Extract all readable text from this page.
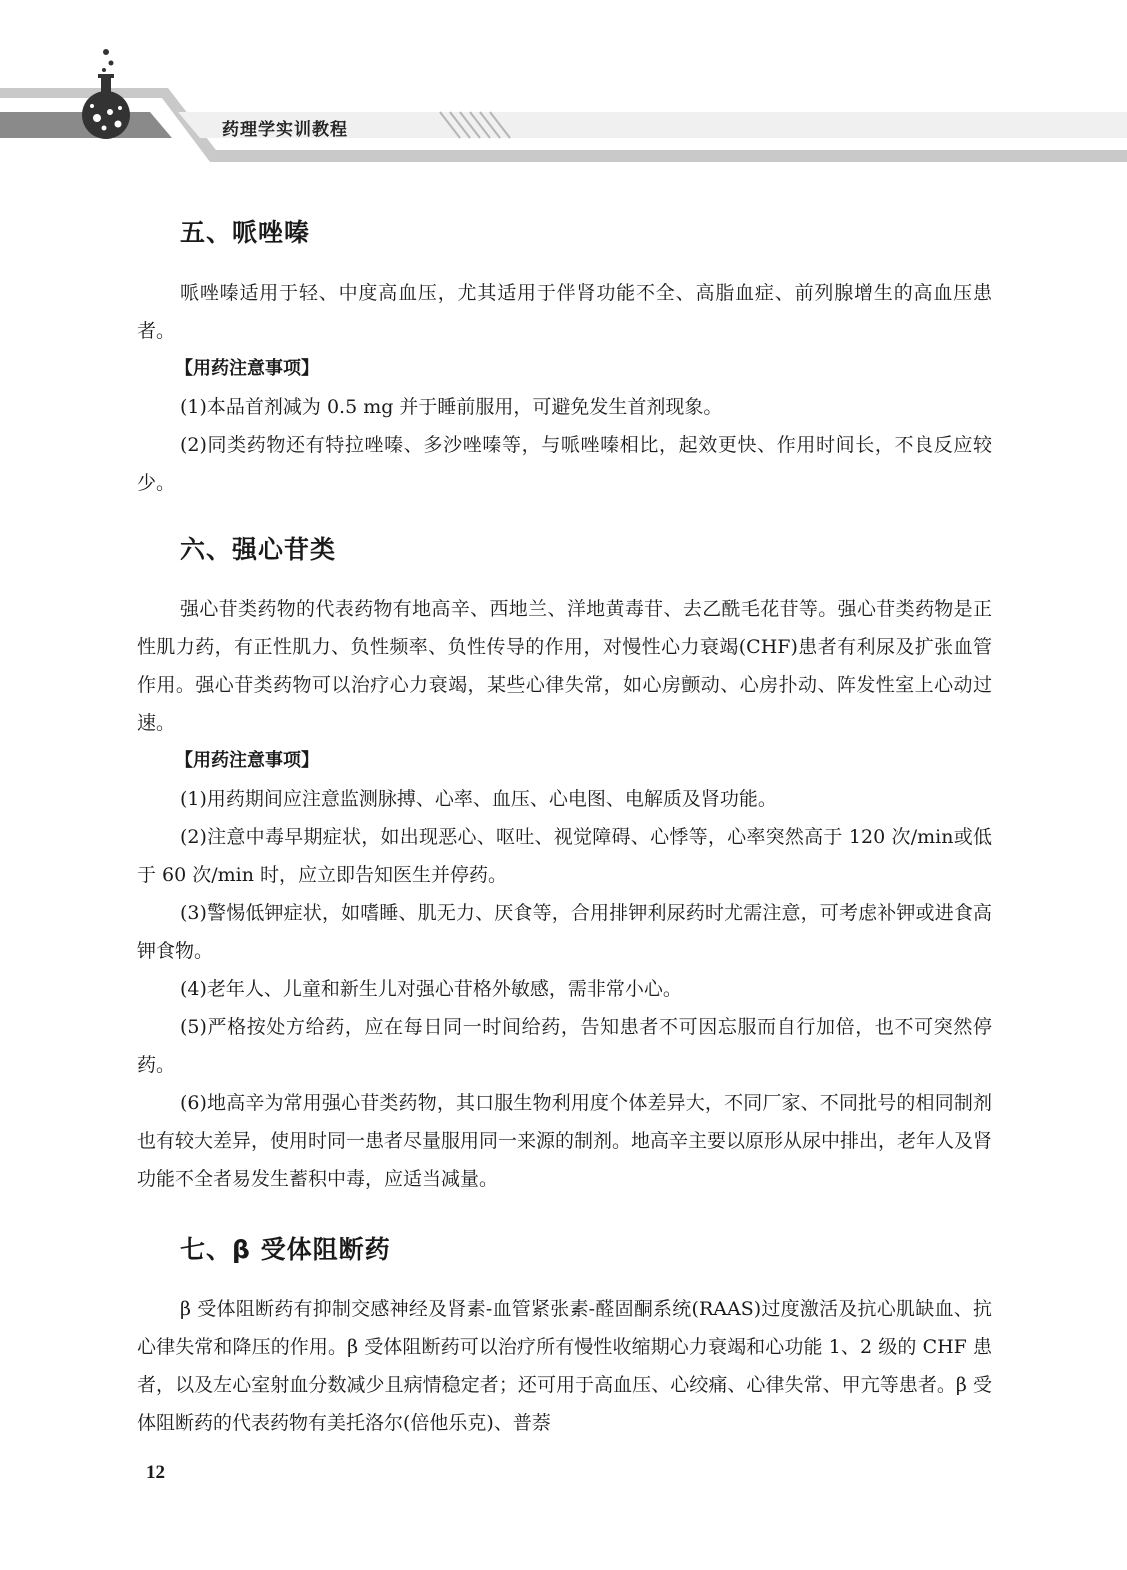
药理学实训教程
五、哌唑嗪

哌唑嗪适用于轻、中度高血压，尤其适用于伴肾功能不全、高脂血症、前列腺增生的高血压患者。

【用药注意事项】

(1)本品首剂减为 0.5 mg 并于睡前服用，可避免发生首剂现象。

(2)同类药物还有特拉唑嗪、多沙唑嗪等，与哌唑嗪相比，起效更快、作用时间长，不良反应较少。

六、强心苷类

强心苷类药物的代表药物有地高辛、西地兰、洋地黄毒苷、去乙酰毛花苷等。强心苷类药物是正性肌力药，有正性肌力、负性频率、负性传导的作用，对慢性心力衰竭(CHF)患者有利尿及扩张血管作用。强心苷类药物可以治疗心力衰竭，某些心律失常，如心房颤动、心房扑动、阵发性室上心动过速。

【用药注意事项】

(1)用药期间应注意监测脉搏、心率、血压、心电图、电解质及肾功能。

(2)注意中毒早期症状，如出现恶心、呕吐、视觉障碍、心悸等，心率突然高于 120 次/min或低于 60 次/min 时，应立即告知医生并停药。

(3)警惕低钾症状，如嗜睡、肌无力、厌食等，合用排钾利尿药时尤需注意，可考虑补钾或进食高钾食物。

(4)老年人、儿童和新生儿对强心苷格外敏感，需非常小心。

(5)严格按处方给药，应在每日同一时间给药，告知患者不可因忘服而自行加倍，也不可突然停药。

(6)地高辛为常用强心苷类药物，其口服生物利用度个体差异大，不同厂家、不同批号的相同制剂也有较大差异，使用时同一患者尽量服用同一来源的制剂。地高辛主要以原形从尿中排出，老年人及肾功能不全者易发生蓄积中毒，应适当减量。

七、β 受体阻断药

β 受体阻断药有抑制交感神经及肾素-血管紧张素-醛固酮系统(RAAS)过度激活及抗心肌缺血、抗心律失常和降压的作用。β 受体阻断药可以治疗所有慢性收缩期心力衰竭和心功能 1、2 级的 CHF 患者，以及左心室射血分数减少且病情稳定者；还可用于高血压、心绞痛、心律失常、甲亢等患者。β 受体阻断药的代表药物有美托洛尔(倍他乐克)、普萘

12
